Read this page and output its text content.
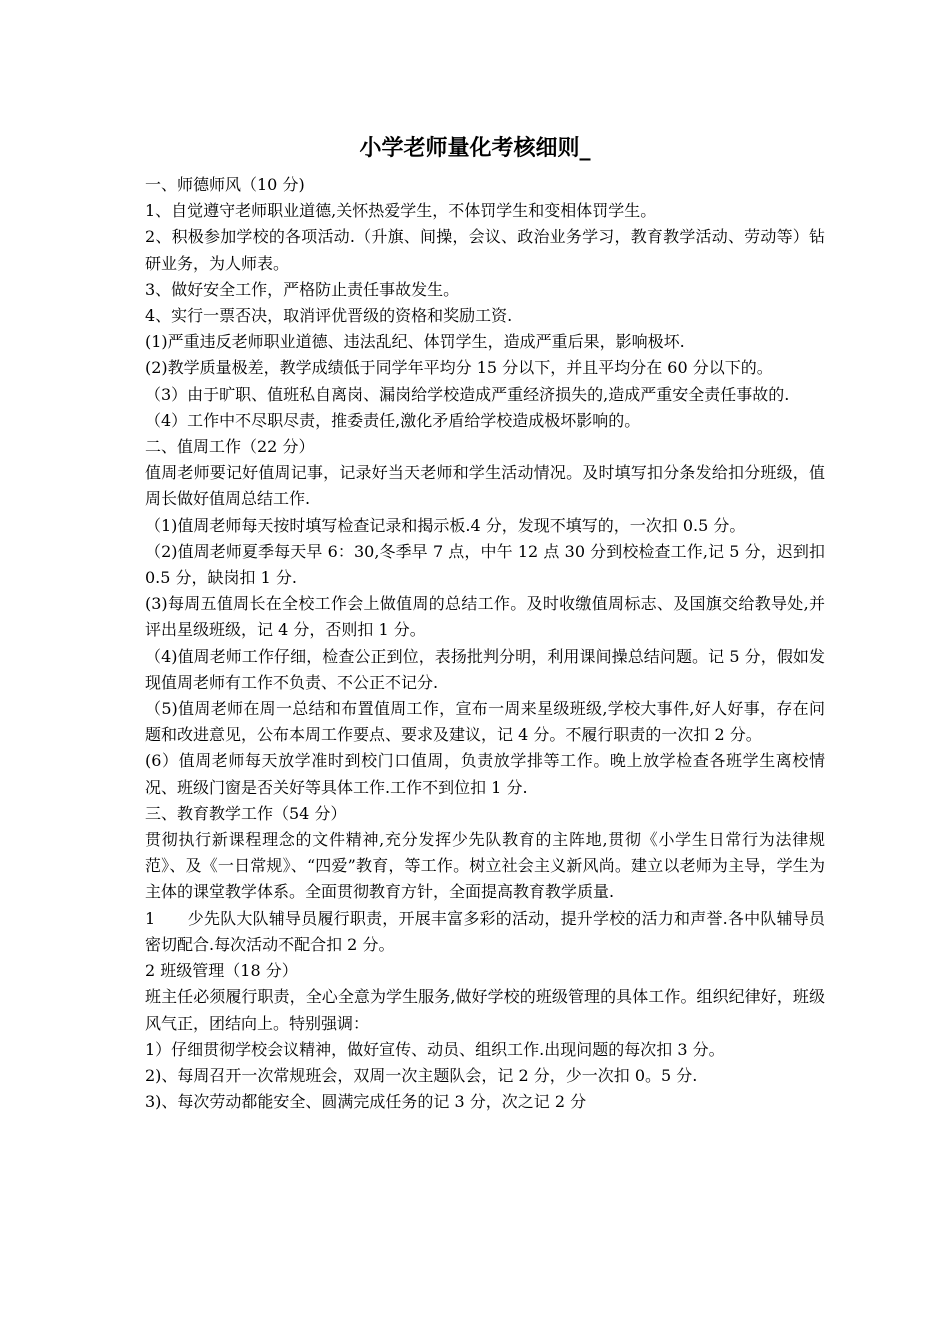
小学老师量化考核细则_

一、师德师风（10 分)

1、自觉遵守老师职业道德,关怀热爱学生，不体罚学生和变相体罚学生。

2、积极参加学校的各项活动.（升旗、间操，会议、政治业务学习，教育教学活动、劳动等）钻研业务，为人师表。

3、做好安全工作，严格防止责任事故发生。

4、实行一票否决，取消评优晋级的资格和奖励工资.

(1)严重违反老师职业道德、违法乱纪、体罚学生，造成严重后果，影响极坏.

(2)教学质量极差，教学成绩低于同学年平均分 15 分以下，并且平均分在 60 分以下的。

（3）由于旷职、值班私自离岗、漏岗给学校造成严重经济损失的,造成严重安全责任事故的.

（4）工作中不尽职尽责，推委责任,激化矛盾给学校造成极坏影响的。

二、值周工作（22 分）

值周老师要记好值周记事，记录好当天老师和学生活动情况。及时填写扣分条发给扣分班级，值周长做好值周总结工作.

（1)值周老师每天按时填写检查记录和揭示板.4 分，发现不填写的，一次扣 0.5 分。

（2)值周老师夏季每天早 6：30,冬季早 7 点，中午 12 点 30 分到校检查工作,记 5 分，迟到扣 0.5 分，缺岗扣 1 分.

(3)每周五值周长在全校工作会上做值周的总结工作。及时收缴值周标志、及国旗交给教导处,并评出星级班级，记 4 分，否则扣 1 分。

（4)值周老师工作仔细，检查公正到位，表扬批判分明，利用课间操总结问题。记 5 分，假如发现值周老师有工作不负责、不公正不记分.

（5)值周老师在周一总结和布置值周工作，宣布一周来星级班级,学校大事件,好人好事，存在问题和改进意见，公布本周工作要点、要求及建议，记 4 分。不履行职责的一次扣 2 分。

(6）值周老师每天放学准时到校门口值周，负责放学排等工作。晚上放学检查各班学生离校情况、班级门窗是否关好等具体工作.工作不到位扣 1 分.

三、教育教学工作（54 分）

贯彻执行新课程理念的文件精神,充分发挥少先队教育的主阵地,贯彻《小学生日常行为法律规范》、及《一日常规》、“四爱”教育，等工作。树立社会主义新风尚。建立以老师为主导，学生为主体的课堂教学体系。全面贯彻教育方针，全面提高教育教学质量.

1　　少先队大队辅导员履行职责，开展丰富多彩的活动，提升学校的活力和声誉.各中队辅导员密切配合.每次活动不配合扣 2 分。

2 班级管理（18 分）

班主任必须履行职责，全心全意为学生服务,做好学校的班级管理的具体工作。组织纪律好，班级风气正，团结向上。特别强调：

1）仔细贯彻学校会议精神，做好宣传、动员、组织工作.出现问题的每次扣 3 分。

2)、每周召开一次常规班会，双周一次主题队会，记 2 分，少一次扣 0。5 分.

3)、每次劳动都能安全、圆满完成任务的记 3 分，次之记 2 分
